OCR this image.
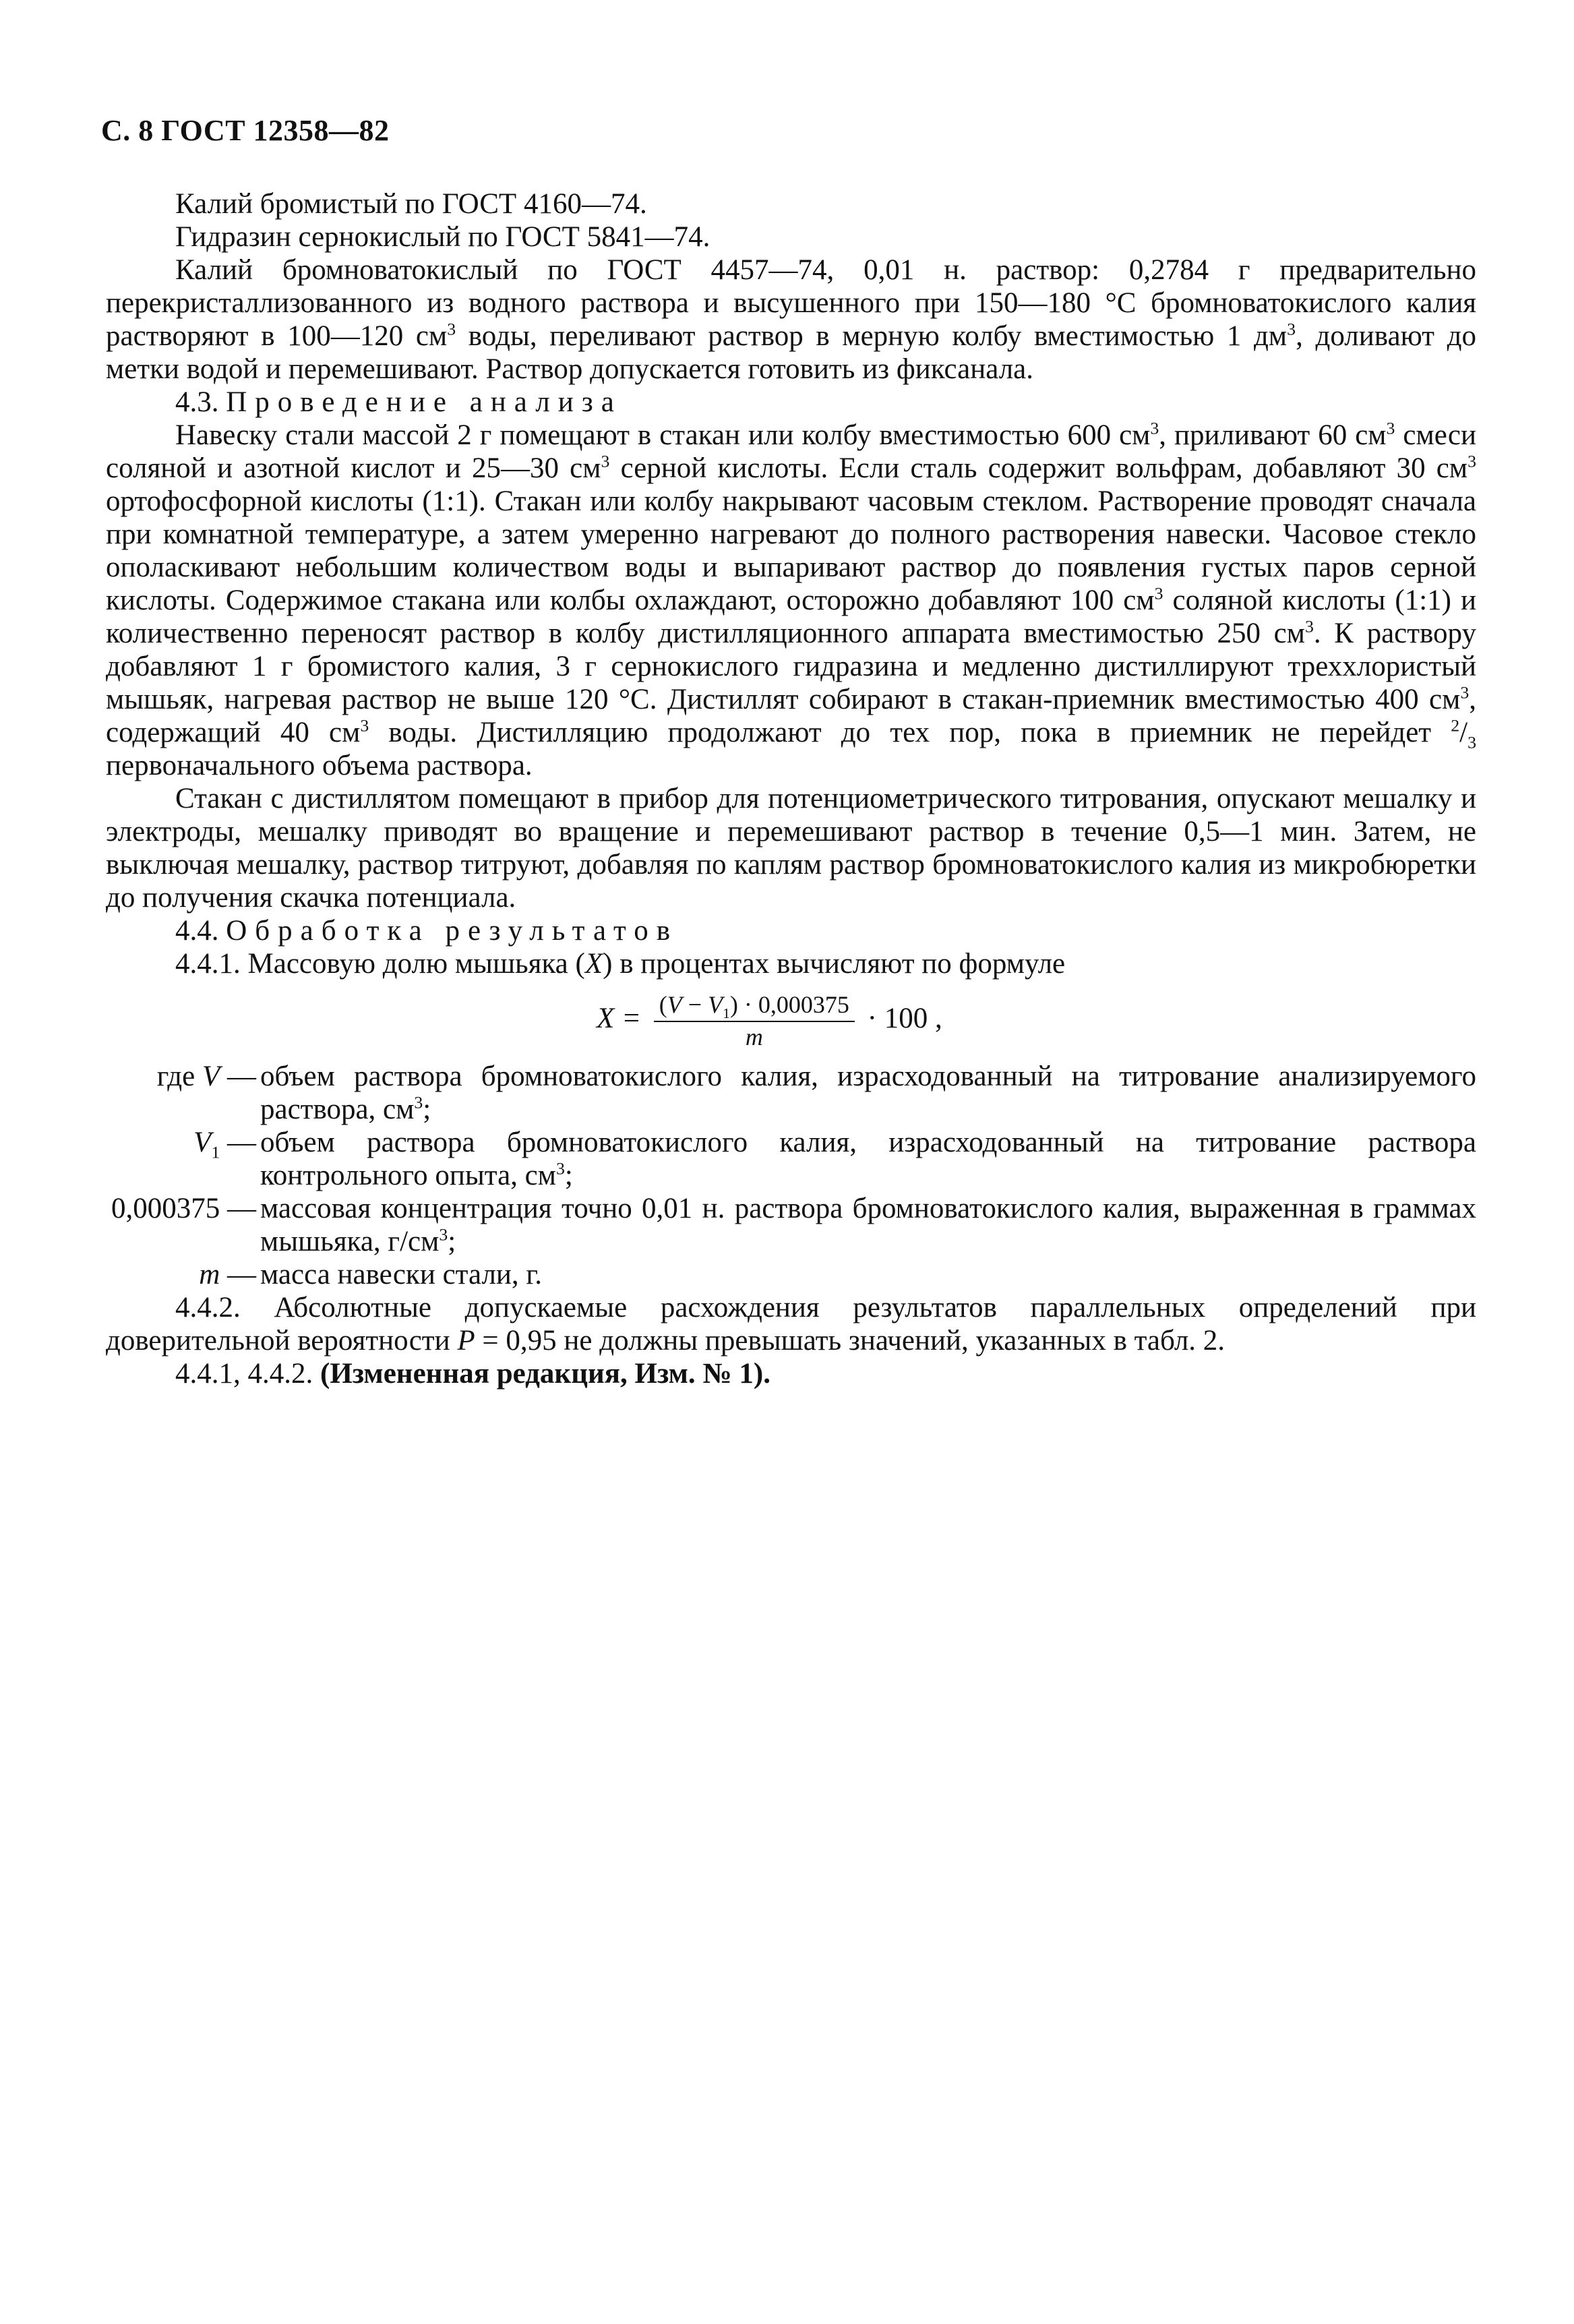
С. 8 ГОСТ 12358—82

Калий бромистый по ГОСТ 4160—74.

Гидразин сернокислый по ГОСТ 5841—74.

Калий бромноватокислый по ГОСТ 4457—74, 0,01 н. раствор: 0,2784 г предварительно перекристаллизованного из водного раствора и высушенного при 150—180 °С бромноватокислого калия растворяют в 100—120 $см^3$ воды, переливают раствор в мерную колбу вместимостью 1 $дм^3$, доливают до метки водой и перемешивают. Раствор допускается готовить из фиксанала.

4.3. Проведение анализа

Навеску стали массой 2 г помещают в стакан или колбу вместимостью 600 $см^3$, приливают 60 $см^3$ смеси соляной и азотной кислот и 25—30 $см^3$ серной кислоты. Если сталь содержит вольфрам, добавляют 30 $см^3$ ортофосфорной кислоты (1:1). Стакан или колбу накрывают часовым стеклом. Растворение проводят сначала при комнатной температуре, а затем умеренно нагревают до полного растворения навески. Часовое стекло ополаскивают небольшим количеством воды и выпаривают раствор до появления густых паров серной кислоты. Содержимое стакана или колбы охлаждают, осторожно добавляют 100 $см^3$ соляной кислоты (1:1) и количественно переносят раствор в колбу дистилляционного аппарата вместимостью 250 $см^3$. К раствору добавляют 1 г бромистого калия, 3 г сернокислого гидразина и медленно дистиллируют треххлористый мышьяк, нагревая раствор не выше 120 °С. Дистиллят собирают в стакан-приемник вместимостью 400 $см^3$, содержащий 40 $см^3$ воды. Дистилляцию продолжают до тех пор, пока в приемник не перейдет $^2/_3$ первоначального объема раствора.

Стакан с дистиллятом помещают в прибор для потенциометрического титрования, опускают мешалку и электроды, мешалку приводят во вращение и перемешивают раствор в течение 0,5—1 мин. Затем, не выключая мешалку, раствор титруют, добавляя по каплям раствор бромноватокислого калия из микробюретки до получения скачка потенциала.

4.4. Обработка результатов

4.4.1. Массовую долю мышьяка (X) в процентах вычисляют по формуле

$X = \frac{(V - V_1) \cdot 0,000375}{m} \cdot 100$ ,
где V — объем раствора бромноватокислого калия, израсходованный на титрование анализируемого раствора, $см^3$;
$V_1$ — объем раствора бромноватокислого калия, израсходованный на титрование раствора контрольного опыта, $см^3$;
0,000375 — массовая концентрация точно 0,01 н. раствора бромноватокислого калия, выраженная в граммах мышьяка, $г/см^3$;
m — масса навески стали, г.

4.4.2. Абсолютные допускаемые расхождения результатов параллельных определений при доверительной вероятности P = 0,95 не должны превышать значений, указанных в табл. 2.

4.4.1, 4.4.2. (Измененная редакция, Изм. № 1).
